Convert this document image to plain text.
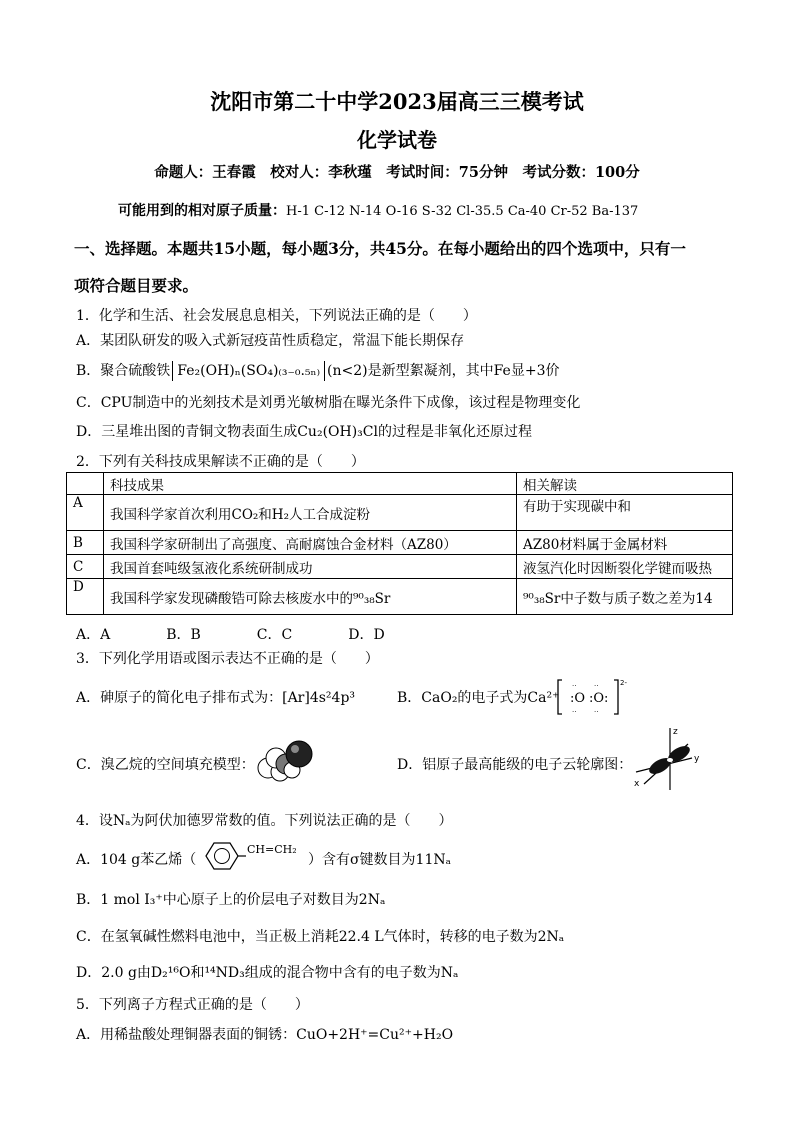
沈阳市第二十中学2023届高三三模考试
化学试卷
命题人：王春霞　校对人：李秋瑾　考试时间：75分钟　考试分数：100分
可能用到的相对原子质量：H-1 C-12 N-14 O-16 S-32 Cl-35.5 Ca-40 Cr-52 Ba-137
一、选择题。本题共15小题，每小题3分，共45分。在每小题给出的四个选项中，只有一
项符合题目要求。
1．化学和生活、社会发展息息相关，下列说法正确的是（　　）
A．某团队研发的吸入式新冠疫苗性质稳定，常温下能长期保存
B．聚合硫酸铁 Fe₂(OH)ₙ(SO₄)₍₃₋₀.₅ₙ₎ (n<2)是新型絮凝剂，其中Fe显+3价
C．CPU制造中的光刻技术是刘勇光敏树脂在曝光条件下成像，该过程是物理变化
D．三星堆出图的青铜文物表面生成Cu₂(OH)₃Cl的过程是非氧化还原过程
2．下列有关科技成果解读不正确的是（　　）
	科技成果	相关解读
A	我国科学家首次利用CO₂和H₂人工合成淀粉	有助于实现碳中和
B	我国科学家研制出了高强度、高耐腐蚀合金材料（AZ80）	AZ80材料属于金属材料
C	我国首套吨级氢液化系统研制成功	液氢汽化时因断裂化学键而吸热
D	我国科学家发现磷酸锆可除去核废水中的⁹⁰₃₈Sr	⁹⁰₃₈Sr中子数与质子数之差为14
A．A　　　　B．B　　　　C．C　　　　D．D
3．下列化学用语或图示表达不正确的是（　　）
A．砷原子的简化电子排布式为：[Ar]4s²4p³	B．CaO₂的电子式为Ca²⁺ :O :O:
··	··
··	··
2-
C．溴乙烷的空间填充模型：	D．铝原子最高能级的电子云轮廓图：
z
y
x
4．设Nₐ为阿伏加德罗常数的值。下列说法正确的是（　　）
A．104 g苯乙烯（
CH=CH₂
）含有σ键数目为11Nₐ
B．1 mol I₃⁺中心原子上的价层电子对数目为2Nₐ
C．在氢氧碱性燃料电池中，当正极上消耗22.4 L气体时，转移的电子数为2Nₐ
D．2.0 g由D₂¹⁶O和¹⁴ND₃组成的混合物中含有的电子数为Nₐ
5．下列离子方程式正确的是（　　）
A．用稀盐酸处理铜器表面的铜锈：CuO+2H⁺=Cu²⁺+H₂O
